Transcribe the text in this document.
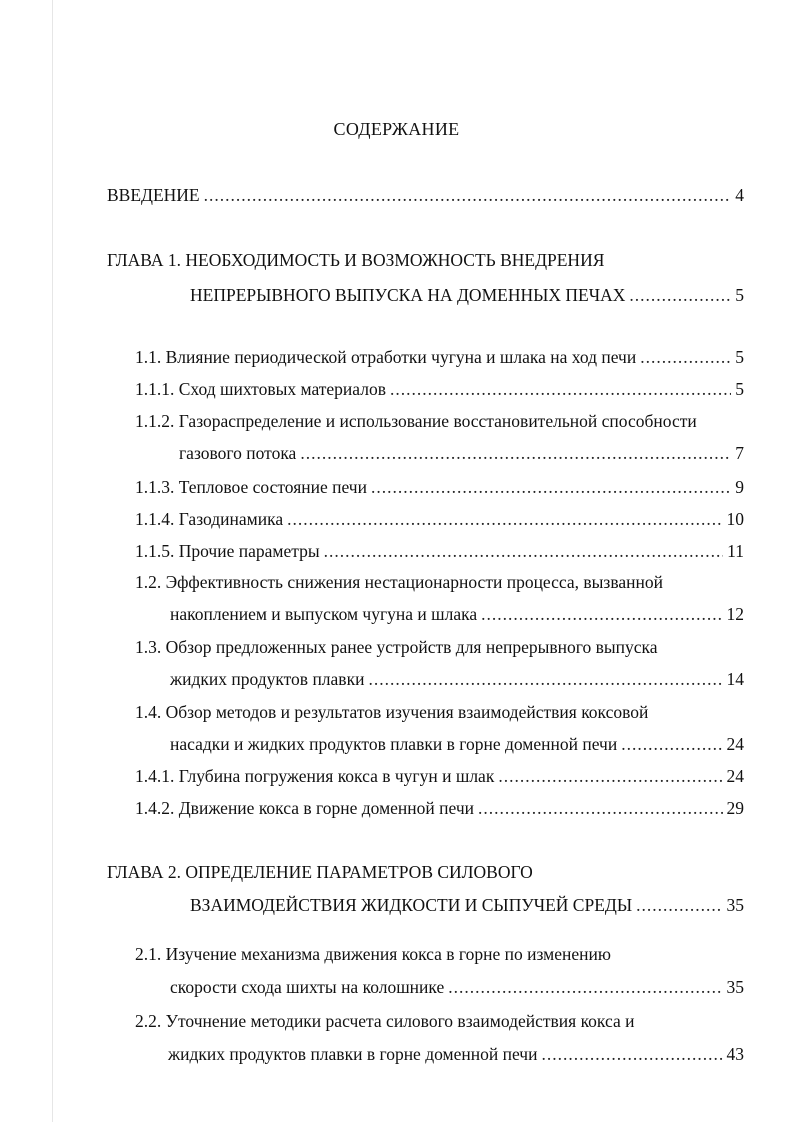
СОДЕРЖАНИЕ
ВВЕДЕНИЕ .....	4
ГЛАВА 1. НЕОБХОДИМОСТЬ И ВОЗМОЖНОСТЬ ВНЕДРЕНИЯ
НЕПРЕРЫВНОГО ВЫПУСКА НА ДОМЕННЫХ ПЕЧАХ .....	5
1.1. Влияние периодической отработки чугуна и шлака на ход печи .....	5
1.1.1. Сход шихтовых материалов .....	5
1.1.2. Газораспределение и использование восстановительной способности
газового потока .....	7
1.1.3. Тепловое состояние печи .....	9
1.1.4. Газодинамика .....	10
1.1.5. Прочие параметры .....	11
1.2. Эффективность снижения нестационарности процесса, вызванной
накоплением и выпуском чугуна и шлака .....	12
1.3. Обзор предложенных ранее устройств для непрерывного выпуска
жидких продуктов плавки .....	14
1.4. Обзор методов и результатов изучения взаимодействия коксовой
насадки и жидких продуктов плавки в горне доменной печи .....	24
1.4.1. Глубина погружения кокса в чугун и шлак .....	24
1.4.2. Движение кокса в горне доменной печи .....	29
ГЛАВА 2. ОПРЕДЕЛЕНИЕ ПАРАМЕТРОВ СИЛОВОГО
ВЗАИМОДЕЙСТВИЯ ЖИДКОСТИ И СЫПУЧЕЙ СРЕДЫ .....	35
2.1. Изучение механизма движения кокса в горне по изменению
скорости схода шихты на колошнике .....	35
2.2. Уточнение методики расчета силового взаимодействия кокса и
жидких продуктов плавки в горне доменной печи .....	43
